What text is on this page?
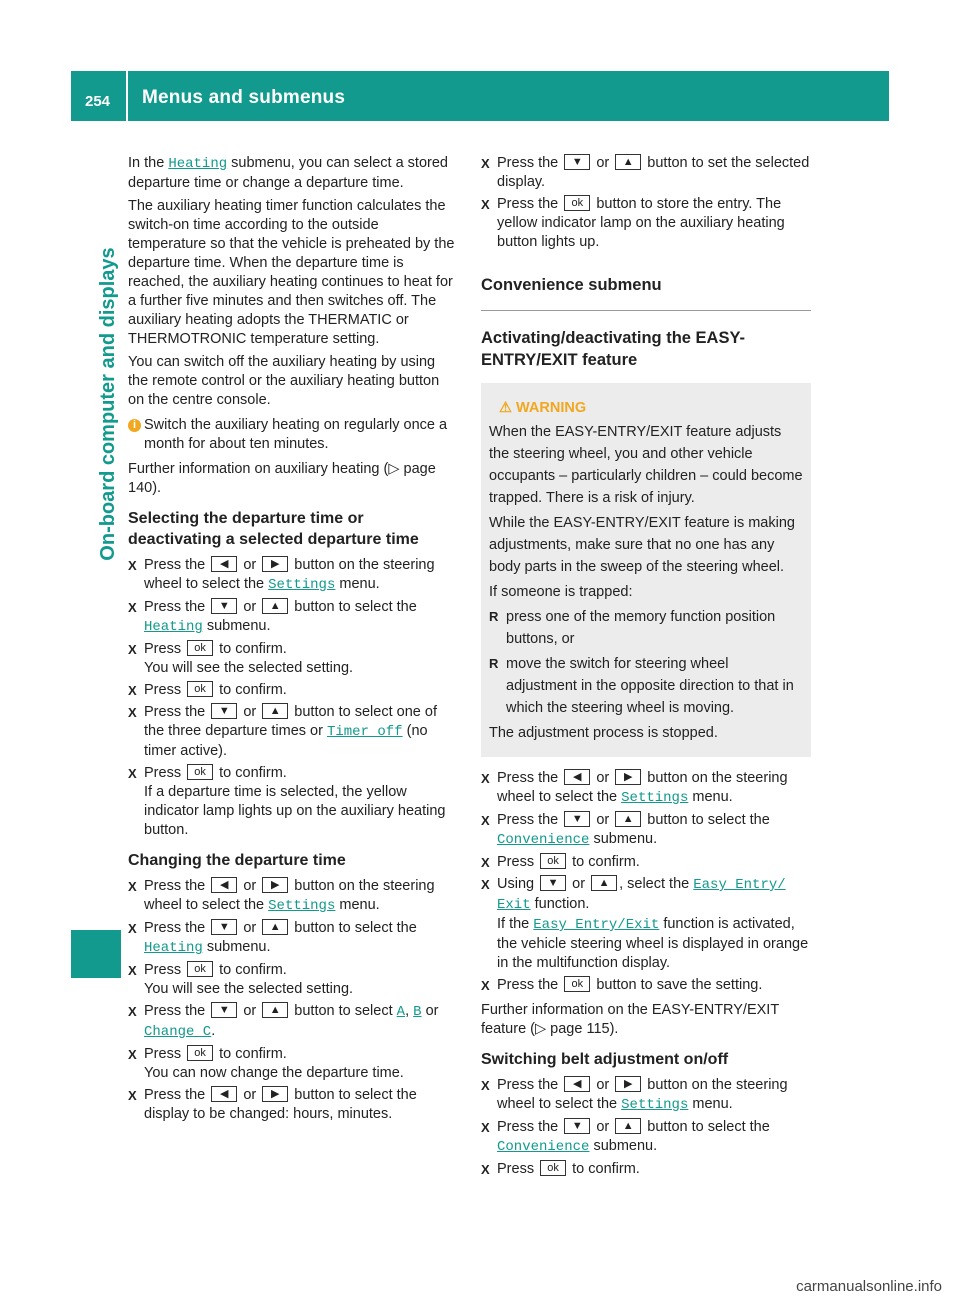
254 Menus and submenus
On-board computer and displays

In the Heating submenu, you can select a stored departure time or change a departure time.

The auxiliary heating timer function calculates the switch-on time according to the outside temperature so that the vehicle is preheated by the departure time. When the departure time is reached, the auxiliary heating continues to heat for a further five minutes and then switches off. The auxiliary heating adopts the THERMATIC or THERMOTRONIC temperature setting.

You can switch off the auxiliary heating by using the remote control or the auxiliary heating button on the centre console.

i Switch the auxiliary heating on regularly once a month for about ten minutes.

Further information on auxiliary heating (▷ page 140).

Selecting the departure time or deactivating a selected departure time
X Press the ◀ or ▶ button on the steering wheel to select the Settings menu.
X Press the ▼ or ▲ button to select the Heating submenu.
X Press ok to confirm.
You will see the selected setting.
X Press ok to confirm.
X Press the ▼ or ▲ button to select one of the three departure times or Timer off (no timer active).
X Press ok to confirm.
If a departure time is selected, the yellow indicator lamp lights up on the auxiliary heating button.
Changing the departure time
X Press the ◀ or ▶ button on the steering wheel to select the Settings menu.
X Press the ▼ or ▲ button to select the Heating submenu.
X Press ok to confirm.
You will see the selected setting.
X Press the ▼ or ▲ button to select A, B or Change C.
X Press ok to confirm.
You can now change the departure time.
X Press the ◀ or ▶ button to select the display to be changed: hours, minutes.
X Press the ▼ or ▲ button to set the selected display.
X Press the ok button to store the entry. The yellow indicator lamp on the auxiliary heating button lights up.
Convenience submenu
Activating/deactivating the EASY-ENTRY/EXIT feature
⚠ WARNING

When the EASY-ENTRY/EXIT feature adjusts the steering wheel, you and other vehicle occupants – particularly children – could become trapped. There is a risk of injury.

While the EASY-ENTRY/EXIT feature is making adjustments, make sure that no one has any body parts in the sweep of the steering wheel.

If someone is trapped:

R press one of the memory function position buttons, or

R move the switch for steering wheel adjustment in the opposite direction to that in which the steering wheel is moving.

The adjustment process is stopped.

X Press the ◀ or ▶ button on the steering wheel to select the Settings menu.
X Press the ▼ or ▲ button to select the Convenience submenu.
X Press ok to confirm.
X Using ▼ or ▲ , select the Easy Entry/ Exit function.
If the Easy Entry/Exit function is activated, the vehicle steering wheel is displayed in orange in the multifunction display.
X Press the ok button to save the setting.

Further information on the EASY-ENTRY/EXIT feature (▷ page 115).

Switching belt adjustment on/off
X Press the ◀ or ▶ button on the steering wheel to select the Settings menu.
X Press the ▼ or ▲ button to select the Convenience submenu.
X Press ok to confirm.
carmanualsonline.info
